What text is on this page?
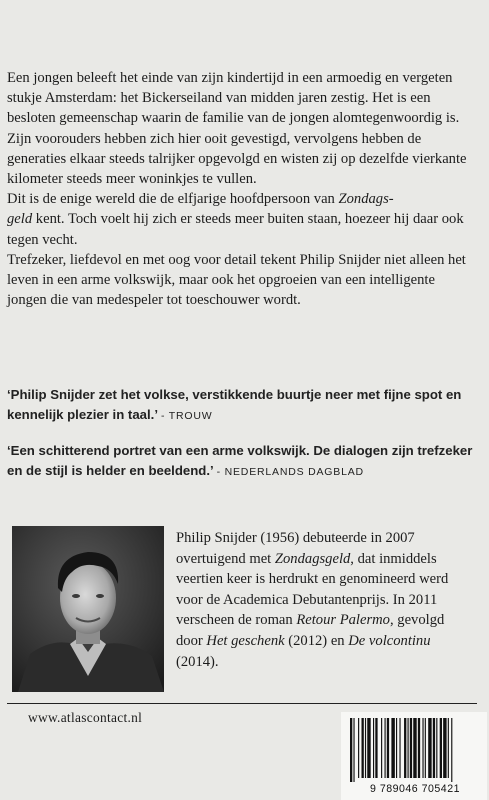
Een jongen beleeft het einde van zijn kindertijd in een armoedig en vergeten stukje Amsterdam: het Bickerseiland van midden jaren zestig. Het is een besloten gemeenschap waarin de familie van de jongen alomtegenwoordig is. Zijn voorouders hebben zich hier ooit gevestigd, vervolgens hebben de generaties elkaar steeds talrijker opgevolgd en wisten zij op dezelfde vierkante kilometer steeds meer woninkjes te vullen.

Dit is de enige wereld die de elfjarige hoofdpersoon van Zondags-
geld kent. Toch voelt hij zich er steeds meer buiten staan, hoezeer hij daar ook tegen vecht.

Trefzeker, liefdevol en met oog voor detail tekent Philip Snijder niet alleen het leven in een arme volkswijk, maar ook het opgroeien van een intelligente jongen die van medespeler tot toeschouwer wordt.

‘Philip Snijder zet het volkse, verstikkende buurtje neer met fijne spot en kennelijk plezier in taal.’ - TROUW
‘Een schitterend portret van een arme volkswijk. De dialogen zijn trefzeker en de stijl is helder en beeldend.’ - NEDERLANDS DAGBLAD
Philip Snijder (1956) debuteerde in 2007 overtuigend met Zondagsgeld, dat inmiddels veertien keer is herdrukt en genomineerd werd voor de Academica Debutantenprijs. In 2011 verscheen de roman Retour Palermo, gevolgd door Het geschenk (2012) en De volcontinu (2014).
www.atlascontact.nl
9 789046 705421
